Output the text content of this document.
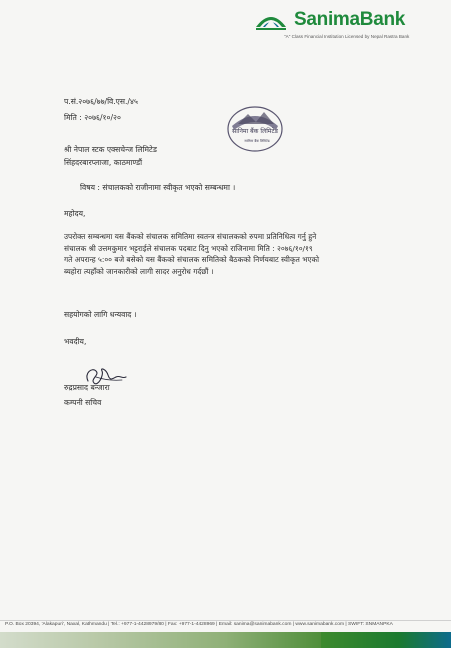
SanimaBank
"A" Class Financial Institution Licensed by Nepal Rastra Bank
प.सं.२०७६/७७/वि.एस./४५
मिति : २०७६/१०/२०
सानिमा बैंक लिमिटेड
सानिमा बैंक लिमिटेड
श्री नेपाल स्टक एक्सचेन्ज लिमिटेड
सिंहदरबारप्लाजा, काठमाण्डौं
विषय : संचालकको राजीनामा स्वीकृत भएको सम्बन्धमा ।
महोदय,
उपरोक्त सम्बन्धमा यस बैंकको संचालक समितिमा स्वतन्त्र संचालकको रुपमा प्रतिनिधित्व गर्नु हुने
संचालक श्री उत्तमकुमार भट्टराईले संचालक पदबाट दिनु भएको राजिनामा मिति : २०७६/१०/१९
गते अपरान्ह ५:०० बजे बसेको यस बैंकको संचालक समितिको बैठकको निर्णयबाट स्वीकृत भएको
ब्यहोरा त्यहाँको जानकारीको लागी सादर अनुरोध गर्दछौं ।
सहयोगको लागि धन्यवाद ।
भवदीय,
रुद्रप्रसाद बन्जारा
कम्पनी सचिव
P.O. Box 20394, 'Alakapuri', Naxal, Kathmandu | Tel.: +977-1-4428979/80 | Fax: +977-1-4428969 | Email: sanima@sanimabank.com | www.sanimabank.com | SWIFT: SNMANPKA
